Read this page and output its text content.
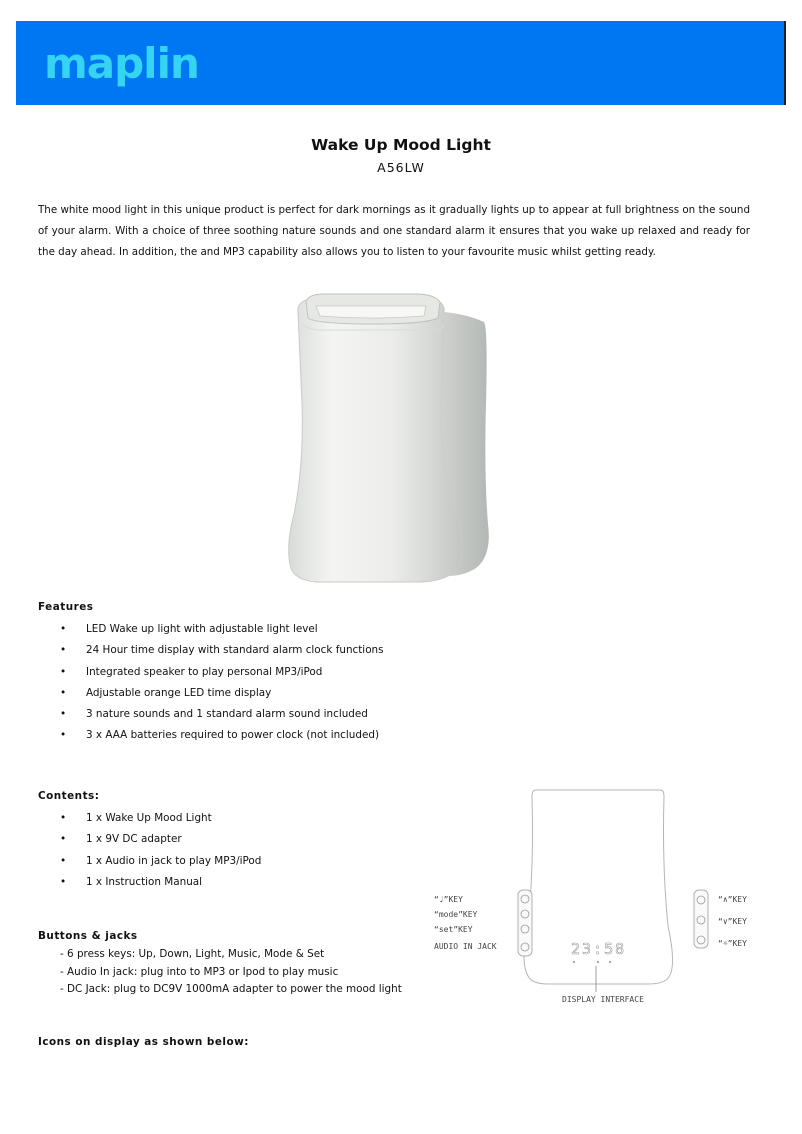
maplin
Wake Up Mood Light
A56LW

The white mood light in this unique product is perfect for dark mornings as it gradually lights up to appear at full brightness on the sound of your alarm. With a choice of three soothing nature sounds and one standard alarm it ensures that you wake up relaxed and ready for the day ahead. In addition, the and MP3 capability also allows you to listen to your favourite music whilst getting ready.

Features
• LED Wake up light with adjustable light level
• 24 Hour time display with standard alarm clock functions
• Integrated speaker to play personal MP3/iPod
• Adjustable orange LED time display
• 3 nature sounds and 1 standard alarm sound included
• 3 x AAA batteries required to power clock (not included)
Contents:
• 1 x Wake Up Mood Light
• 1 x 9V DC adapter
• 1 x Audio in jack to play MP3/iPod
• 1 x Instruction Manual
Buttons & jacks
- 6 press keys: Up, Down, Light, Music, Mode & Set
- Audio In jack: plug into to MP3 or Ipod to play music
- DC Jack: plug to DC9V 1000mA adapter to power the mood light
“♩”KEY
“mode”KEY
“set”KEY
AUDIO IN JACK
“∧”KEY
“∨”KEY
“☼”KEY
23:58
DISPLAY INTERFACE
Icons on display as shown below:
